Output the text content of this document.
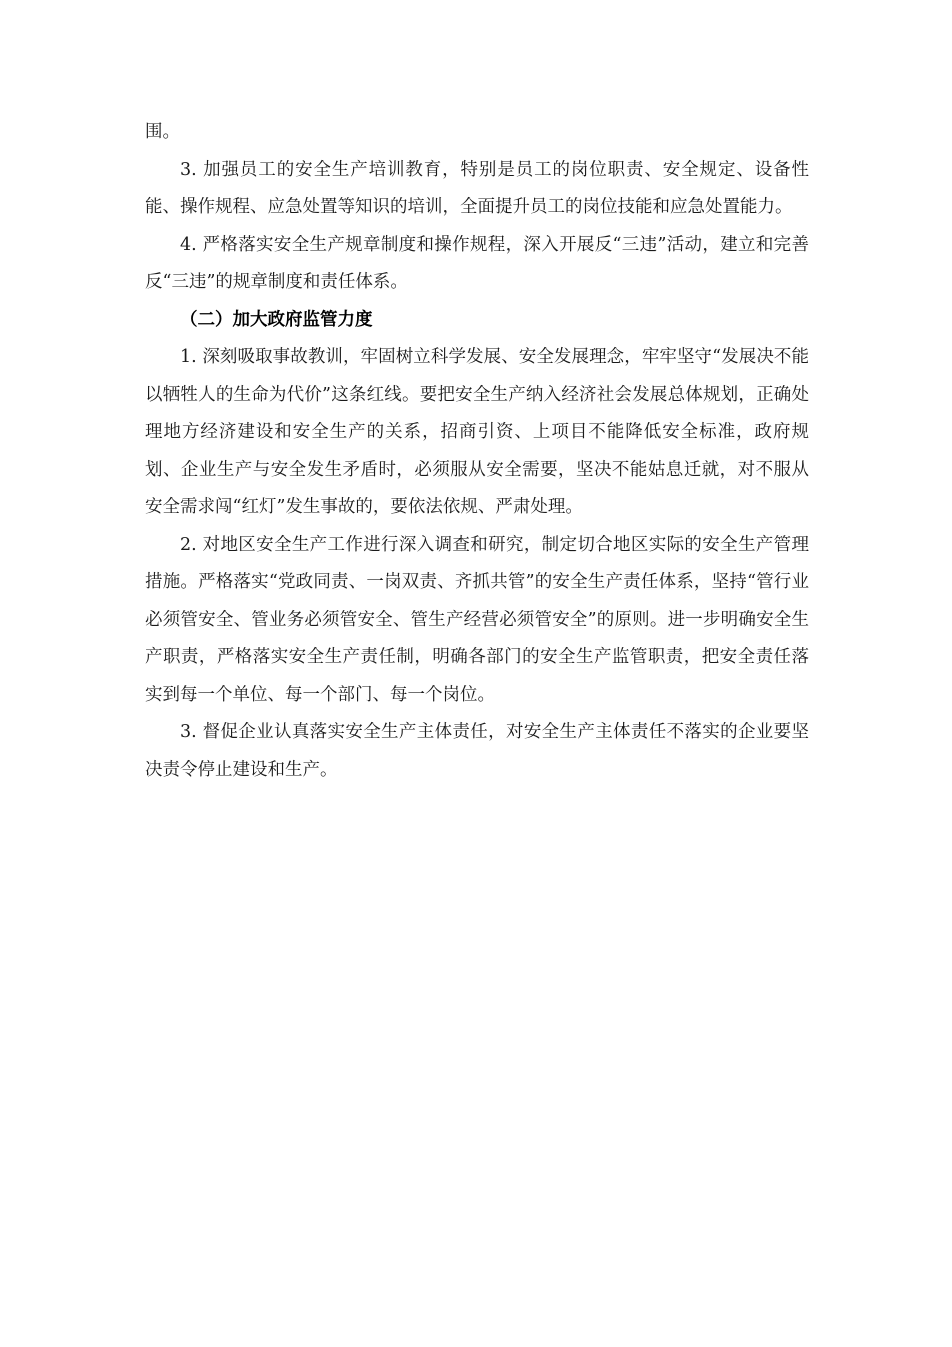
围。

3. 加强员工的安全生产培训教育，特别是员工的岗位职责、安全规定、设备性能、操作规程、应急处置等知识的培训，全面提升员工的岗位技能和应急处置能力。

4. 严格落实安全生产规章制度和操作规程，深入开展反“三违”活动，建立和完善反“三违”的规章制度和责任体系。

（二）加大政府监管力度

1. 深刻吸取事故教训，牢固树立科学发展、安全发展理念，牢牢坚守“发展决不能以牺牲人的生命为代价”这条红线。要把安全生产纳入经济社会发展总体规划，正确处理地方经济建设和安全生产的关系，招商引资、上项目不能降低安全标准，政府规划、企业生产与安全发生矛盾时，必须服从安全需要，坚决不能姑息迁就，对不服从安全需求闯“红灯”发生事故的，要依法依规、严肃处理。

2. 对地区安全生产工作进行深入调查和研究，制定切合地区实际的安全生产管理措施。严格落实“党政同责、一岗双责、齐抓共管”的安全生产责任体系，坚持“管行业必须管安全、管业务必须管安全、管生产经营必须管安全”的原则。进一步明确安全生产职责，严格落实安全生产责任制，明确各部门的安全生产监管职责，把安全责任落实到每一个单位、每一个部门、每一个岗位。

3. 督促企业认真落实安全生产主体责任，对安全生产主体责任不落实的企业要坚决责令停止建设和生产。
